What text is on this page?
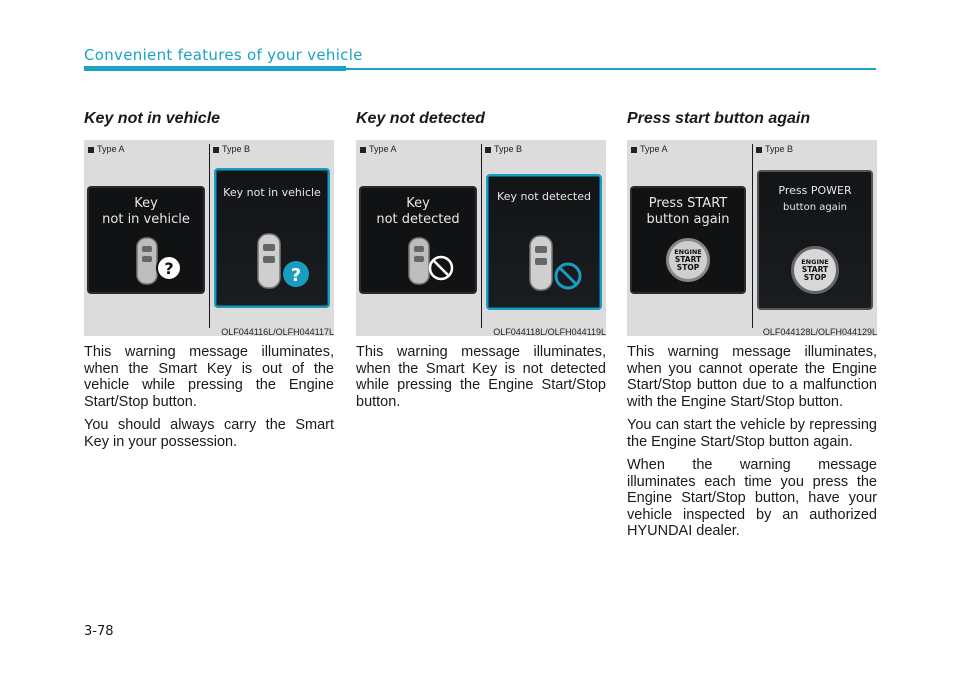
Convenient features of your vehicle
Key not in vehicle
Type A	Type B
Key
not in vehicle
?
Key not in vehicle
?
OLF044116L/OLFH044117L

This warning message illuminates, when the Smart Key is out of the vehicle while pressing the Engine Start/Stop button.

You should always carry the Smart Key in your possession.

Key not detected
Type A	Type B
Key
not detected
Key not detected
OLF044118L/OLFH044119L

This warning message illuminates, when the Smart Key is not detected while pressing the Engine Start/Stop button.

Press start button again
Type A	Type B
Press START
button again
ENGINE
START
STOP
Press POWER
button again
ENGINE
START
STOP
OLF044128L/OLFH044129L

This warning message illuminates, when you cannot operate the Engine Start/Stop button due to a malfunction with the Engine Start/Stop button.

You can start the vehicle by repressing the Engine Start/Stop button again.

When the warning message illuminates each time you press the Engine Start/Stop button, have your vehicle inspected by an authorized HYUNDAI dealer.

3-78
